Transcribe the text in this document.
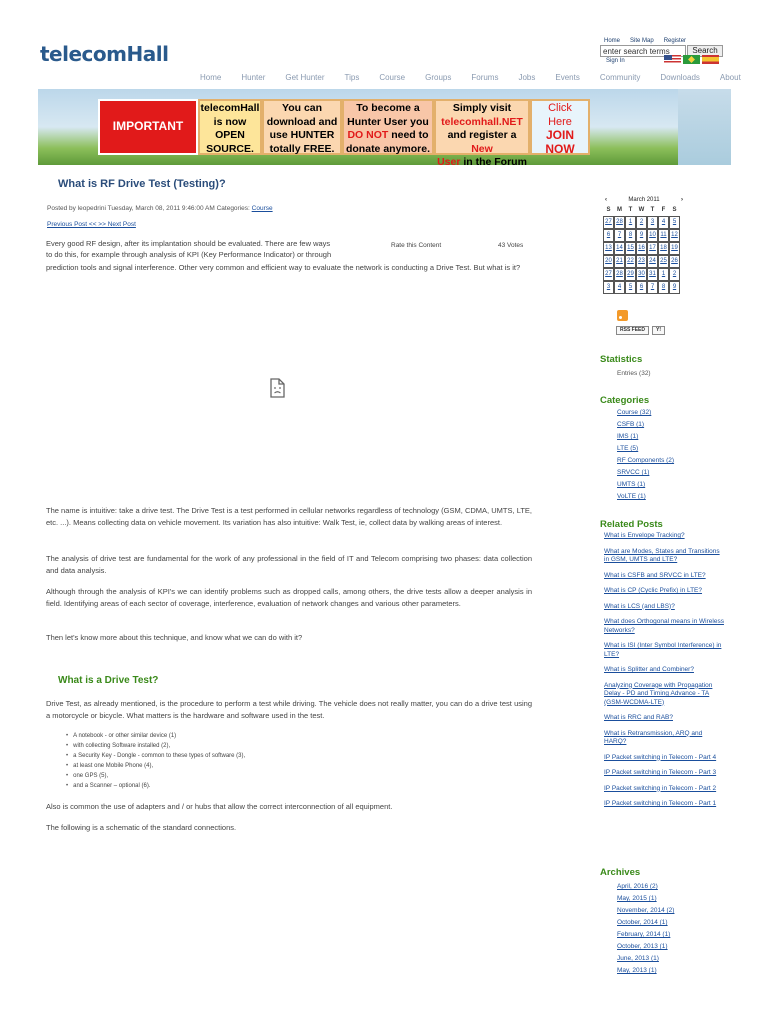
telecomHall
Home Site Map Register
enter search terms
Search
Sign In
Home	Hunter	Get Hunter	Tips	Course	Groups	Forums	Jobs	Events	Community	Downloads	About
IMPORTANT
telecomHall
is now
OPEN
SOURCE.
You can
download and
use HUNTER
totally FREE.
To become a
Hunter User you
DO NOT need to
donate anymore.
Simply visit
telecomhall.NET
and register a New
User in the Forum
Click
Here
JOIN
NOW
What is RF Drive Test (Testing)?
Posted by leopedrini Tuesday, March 08, 2011 9:46:00 AM Categories: Course
Previous Post << >> Next Post
Every good RF design, after its implantation should be evaluated. There are few ways	Rate this Content	43 Votes
to do this, for example through analysis of KPI (Key Performance Indicator) or through
prediction tools and signal interference. Other very common and efficient way to evaluate the network is conducting a Drive Test. But what is it?
The name is intuitive: take a drive test. The Drive Test is a test performed in cellular networks regardless of technology (GSM, CDMA, UMTS, LTE, etc. ...). Means collecting data on vehicle movement. Its variation has also intuitive: Walk Test, ie, collect data by walking areas of interest.
The analysis of drive test are fundamental for the work of any professional in the field of IT and Telecom comprising two phases: data collection and data analysis.
Although through the analysis of KPI's we can identify problems such as dropped calls, among others, the drive tests allow a deeper analysis in field. Identifying areas of each sector of coverage, interference, evaluation of network changes and various other parameters.
Then let's know more about this technique, and know what we can do with it?
What is a Drive Test?
Drive Test, as already mentioned, is the procedure to perform a test while driving. The vehicle does not really matter, you can do a drive test using a motorcycle or bicycle. What matters is the hardware and software used in the test.
• A notebook - or other similar device (1)
• with collecting Software installed (2),
• a Security Key - Dongle - common to these types of software (3),
• at least one Mobile Phone (4),
• one GPS (5),
• and a Scanner – optional (6).
Also is common the use of adapters and / or hubs that allow the correct interconnection of all equipment.
The following is a schematic of the standard connections.
‹	March 2011	›
S	M	T	W	T	F	S
27 28 1	2	3	4	5
6	7	8	9 10 11 12
13 14 15 16 17 18 19
20 21 22 23 24 25 26
27 28 29 30 31 1	2
3	4	5	6	7	8	9
RSS FEED	Y!
Statistics
Entries (32)
Categories
Course (32)
CSFB (1)
IMS (1)
LTE (5)
RF Components (2)
SRVCC (1)
UMTS (1)
VoLTE (1)
Related Posts
What is Envelope Tracking?
What are Modes, States and Transitions in GSM, UMTS and LTE?
What is CSFB and SRVCC in LTE?
What is CP (Cyclic Prefix) in LTE?
What is LCS (and LBS)?
What does Orthogonal means in Wireless Networks?
What is ISI (Inter Symbol Interference) in LTE?
What is Splitter and Combiner?
Analyzing Coverage with Propagation Delay - PD and Timing Advance - TA (GSM-WCDMA-LTE)
What is RRC and RAB?
What is Retransmission, ARQ and HARQ?
IP Packet switching in Telecom - Part 4
IP Packet switching in Telecom - Part 3
IP Packet switching in Telecom - Part 2
IP Packet switching in Telecom - Part 1
Archives
April, 2016 (2)
May, 2015 (1)
November, 2014 (2)
October, 2014 (1)
February, 2014 (1)
October, 2013 (1)
June, 2013 (1)
May, 2013 (1)
